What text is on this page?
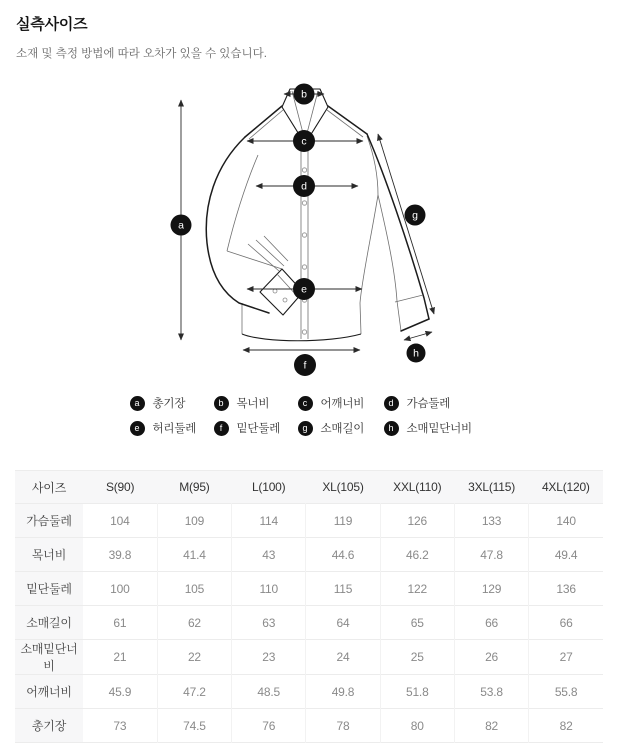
실측사이즈
소재 및 측정 방법에 따라 오차가 있을 수 있습니다.
a
b
c
d
e
f
g
h
a	총기장	b	목너비	c	어깨너비	d	가슴둘레
e	허리둘레	f	밑단둘레	g	소매길이	h	소매밑단너비
사이즈	S(90)	M(95)	L(100)	XL(105)	XXL(110)	3XL(115)	4XL(120)
가슴둘레	104	109	114	119	126	133	140
목너비	39.8	41.4	43	44.6	46.2	47.8	49.4
밑단둘레	100	105	110	115	122	129	136
소매길이	61	62	63	64	65	66	66
소매밑단너비	21	22	23	24	25	26	27
어깨너비	45.9	47.2	48.5	49.8	51.8	53.8	55.8
총기장	73	74.5	76	78	80	82	82
